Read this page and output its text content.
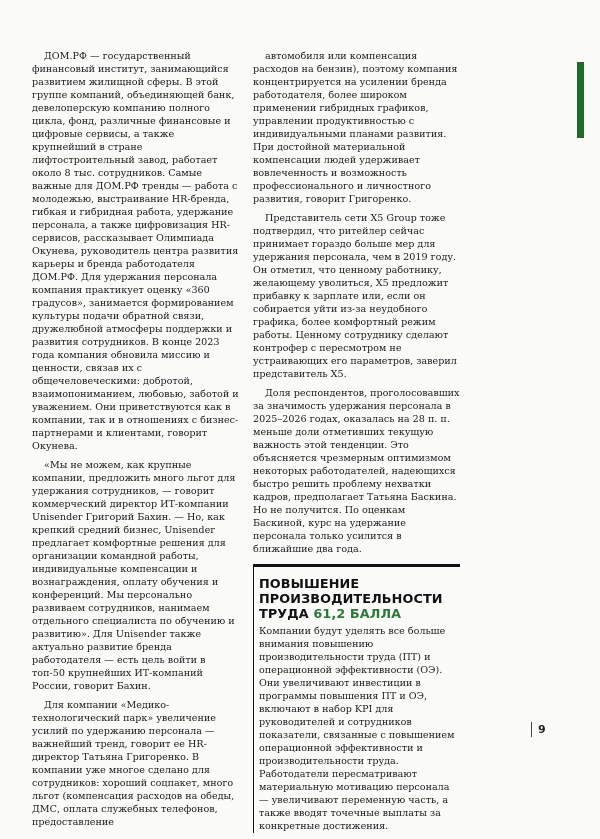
ДОМ.РФ — государственный финансовый институт, занимающийся развитием жилищной сферы. В этой группе компаний, объединяющей банк, девелоперскую компанию полного цикла, фонд, различные финансовые и цифровые сервисы, а также крупнейший в стране лифтостроительный завод, работает около 8 тыс. сотрудников. Самые важные для ДОМ.РФ тренды — работа с молодежью, выстраивание HR-бренда, гибкая и гибридная работа, удержание персонала, а также цифровизация HR-сервисов, рассказывает Олимпиада Окунева, руководитель центра развития карьеры и бренда работодателя ДОМ.РФ. Для удержания персонала компания практикует оценку «360 градусов», занимается формированием культуры подачи обратной связи, дружелюбной атмосферы поддержки и развития сотрудников. В конце 2023 года компания обновила миссию и ценности, связав их с общечеловеческими: добротой, взаимопониманием, любовью, заботой и уважением. Они приветствуются как в компании, так и в отношениях с бизнес-партнерами и клиентами, говорит Окунева.

«Мы не можем, как крупные компании, предложить много льгот для удержания сотрудников, — говорит коммерческий директор ИТ-компании Unisender Григорий Бахин. — Но, как крепкий средний бизнес, Unisender предлагает комфортные решения для организации командной работы, индивидуальные компенсации и вознаграждения, оплату обучения и конференций. Мы персонально развиваем сотрудников, нанимаем отдельного специалиста по обучению и развитию». Для Unisender также актуально развитие бренда работодателя — есть цель войти в топ-50 крупнейших ИТ-компаний России, говорит Бахин.

Для компании «Медико-технологический парк» увеличение усилий по удержанию персонала — важнейший тренд, говорит ее HR-директор Татьяна Григоренко. В компании уже многое сделано для сотрудников: хороший соцпакет, много льгот (компенсация расходов на обеды, ДМС, оплата служебных телефонов, предоставление

автомобиля или компенсация расходов на бензин), поэтому компания концентрируется на усилении бренда работодателя, более широком применении гибридных графиков, управлении продуктивностью с индивидуальными планами развития. При достойной материальной компенсации людей удерживает вовлеченность и возможность профессионального и личностного развития, говорит Григоренко.

Представитель сети X5 Group тоже подтвердил, что ритейлер сейчас принимает гораздо больше мер для удержания персонала, чем в 2019 году. Он отметил, что ценному работнику, желающему уволиться, X5 предложит прибавку к зарплате или, если он собирается уйти из-за неудобного графика, более комфортный режим работы. Ценному сотруднику сделают контрофер с пересмотром не устраивающих его параметров, заверил представитель X5.

Доля респондентов, проголосовавших за значимость удержания персонала в 2025–2026 годах, оказалась на 28 п. п. меньше доли отметивших текущую важность этой тенденции. Это объясняется чрезмерным оптимизмом некоторых работодателей, надеющихся быстро решить проблему нехватки кадров, предполагает Татьяна Баскина. Но не получится. По оценкам Баскиной, курс на удержание персонала только усилится в ближайшие два года.

ПОВЫШЕНИЕ ПРОИЗВОДИТЕЛЬНОСТИ ТРУДА 61,2 БАЛЛА

Компании будут уделять все больше внимания повышению производительности труда (ПТ) и операционной эффективности (ОЭ). Они увеличивают инвестиции в программы повышения ПТ и ОЭ, включают в набор KPI для руководителей и сотрудников показатели, связанные с повышением операционной эффективности и производительности труда. Работодатели пересматривают материальную мотивацию персонала — увеличивают переменную часть, а также вводят точечные выплаты за конкретные достижения.

9
